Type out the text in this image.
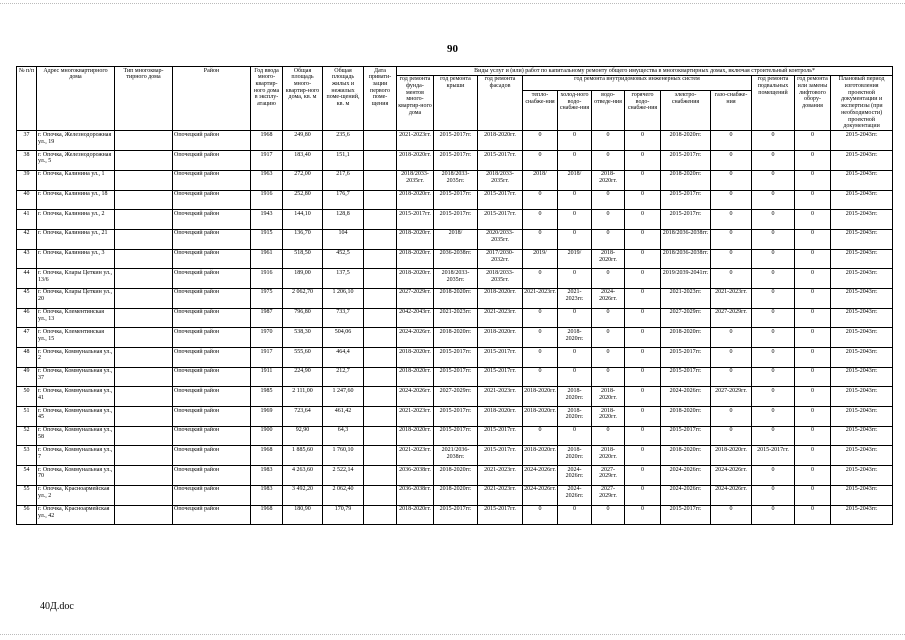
90
№ п/п	Адрес многоквартирного дома	Тип многоквар-тирного дома	Район	Год ввода много-квартир-ного дома в эксплу-атацию	Общая площадь много-квартир-ного дома, кв. м	Общая площадь жилых и нежилых поме-щений, кв. м	Дата привати-зации первого поме-щения	Виды услуг и (или) работ по капитальному ремонту общего имущества в многоквартирных домах, включая строительный контроль*											
								год ремонта фунда-ментов много-квартир-ного дома	год ремонта крыши	год ремонта фасадов	год ремонта внутридомовых инженерных систем						год ремонта подвальных помещений	год ремонта или замены лифтового обору-дования	Плановый период изготовления проектной документации и экспертизы (при необходимости) проектной документации
											тепло-снабже-ния	холод-ного водо-снабже-ния	водо-отведе-ния	горячего водо-снабже-ния	электро-снабжения	газо-снабже-ния			
37	г. Опочка, Железнодорожная ул., 19		Опочецкий район	1968	249,80	235,6		2021-2023гг.	2015-2017гг.	2018-2020гг.	0	0	0	0	2018-2020гг.	0	0	0	2015-2043гг.
38	г. Опочка, Железнодорожная ул., 5		Опочецкий район	1917	183,40	151,1		2018-2020гг.	2015-2017гг.	2015-2017гг.	0	0	0	0	2015-2017гг.	0	0	0	2015-2043гг.
39	г. Опочка, Калинина ул., 1		Опочецкий район	1963	272,00	217,6		2018/2033-2035гг.	2018/2033-2035гг.	2018/2033-2035гг.	2018/	2018/	2018-2020гг.	0	2018-2020гг.	0	0	0	2015-2043гг.
40	г. Опочка, Калинина ул., 18		Опочецкий район	1916	252,80	176,7		2018-2020гг.	2015-2017гг.	2015-2017гг.	0	0	0	0	2015-2017гг.	0	0	0	2015-2043гг.
41	г. Опочка, Калинина ул., 2		Опочецкий район	1943	144,10	128,8		2015-2017гг.	2015-2017гг.	2015-2017гг.	0	0	0	0	2015-2017гг.	0	0	0	2015-2043гг.
42	г. Опочка, Калинина ул., 21		Опочецкий район	1915	136,70	104		2018-2020гг.	2018/	2020/2033-2035гг.	0	0	0	0	2018/2036-2038гг.	0	0	0	2015-2043гг.
43	г. Опочка, Калинина ул., 3		Опочецкий район	1961	518,50	452,5		2018-2020гг.	2036-2038гг.	2017/2030-2032гг.	2019/	2019/	2018-2020гг.	0	2018/2036-2038гг.	0	0	0	2015-2043гг.
44	г. Опочка, Клары Цеткин ул., 13/6		Опочецкий район	1916	189,00	137,5		2018-2020гг.	2018/2033-2035гг.	2018/2033-2035гг.	0	0	0	0	2019/2039-2041гг.	0	0	0	2015-2043гг.
45	г. Опочка, Клары Цеткин ул., 20		Опочецкий район	1975	2 062,70	1 206,10		2027-2029гг.	2018-2020гг.	2018-2020гг.	2021-2023гг.	2021-2023гг.	2024-2026гг.	0	2021-2023гг.	2021-2023гг.	0	0	2015-2043гг.
46	г. Опочка, Клементинская ул., 13		Опочецкий район	1987	796,80	733,7		2042-2043гг.	2021-2023гг.	2021-2023гг.	0	0	0	0	2027-2029гг.	2027-2029гг.	0	0	2015-2043гг.
47	г. Опочка, Клементинская ул., 15		Опочецкий район	1970	538,30	504,06		2024-2026гг.	2018-2020гг.	2018-2020гг.	0	2018-2020гг.	0	0	2018-2020гг.	0	0	0	2015-2043гг.
48	г. Опочка, Коммунальная ул., 2		Опочецкий район	1917	555,60	464,4		2018-2020гг.	2015-2017гг.	2015-2017гг.	0	0	0	0	2015-2017гг.	0	0	0	2015-2043гг.
49	г. Опочка, Коммунальная ул., 37		Опочецкий район	1911	224,90	212,7		2018-2020гг.	2015-2017гг.	2015-2017гг.	0	0	0	0	2015-2017гг.	0	0	0	2015-2043гг.
50	г. Опочка, Коммунальная ул., 41		Опочецкий район	1985	2 111,00	1 247,60		2024-2026гг.	2027-2029гг.	2021-2023гг.	2018-2020гг.	2018-2020гг.	2018-2020гг.	0	2024-2026гг.	2027-2029гг.	0	0	2015-2043гг.
51	г. Опочка, Коммунальная ул., 45		Опочецкий район	1969	723,64	461,42		2021-2023гг.	2015-2017гг.	2018-2020гг.	2018-2020гг.	2018-2020гг.	2018-2020гг.	0	2018-2020гг.	0	0	0	2015-2043гг.
52	г. Опочка, Коммунальная ул., 58		Опочецкий район	1900	92,90	64,3		2018-2020гг.	2015-2017гг.	2015-2017гг.	0	0	0	0	2015-2017гг.	0	0	0	2015-2043гг.
53	г. Опочка, Коммунальная ул., 7		Опочецкий район	1968	1 885,60	1 760,10		2021-2023гг.	2021/2036-2038гг.	2015-2017гг.	2018-2020гг.	2018-2020гг.	2018-2020гг.	0	2018-2020гг.	2018-2020гг.	2015-2017гг.	0	2015-2043гг.
54	г. Опочка, Коммунальная ул., 70		Опочецкий район	1983	4 263,60	2 522,14		2036-2038гг.	2018-2020гг.	2021-2023гг.	2024-2026гг.	2024-2026гг.	2027-2029гг.	0	2024-2026гг.	2024-2026гг.	0	0	2015-2043гг.
55	г. Опочка, Красноармейская ул., 2		Опочецкий район	1983	3 492,20	2 062,40		2036-2038гг.	2018-2020гг.	2021-2023гг.	2024-2026гг.	2024-2026гг.	2027-2029гг.	0	2024-2026гг.	2024-2026гг.	0	0	2015-2043гг.
56	г. Опочка, Красноармейская ул., 42		Опочецкий район	1968	180,90	170,79		2018-2020гг.	2015-2017гг.	2015-2017гг.	0	0	0	0	2015-2017гг.	0	0	0	2015-2043гг.
40Д.doc
